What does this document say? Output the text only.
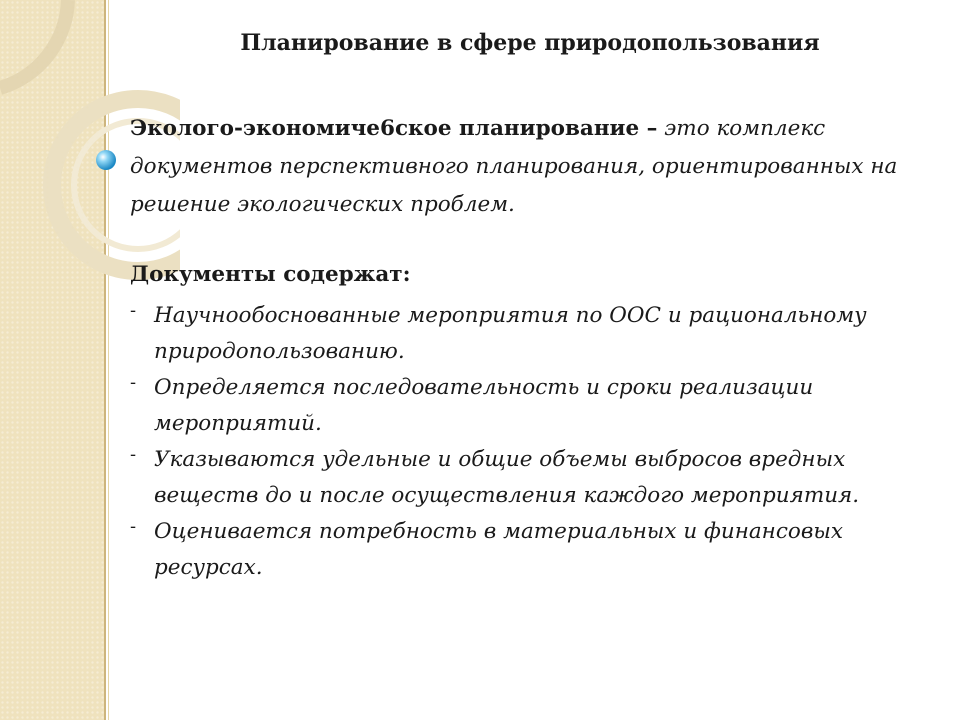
Планирование в сфере природопользования

Эколого-экономиче6ское планирование – это комплекс документов перспективного планирования, ориентированных на решение экологических проблем.

Документы содержат:

- Научнообоснованные мероприятия по ООС и рациональному природопользованию.
- Определяется последовательность и сроки реализации мероприятий.
- Указываются удельные и общие объемы выбросов вредных веществ до и после осуществления каждого мероприятия.
- Оценивается потребность в материальных и финансовых ресурсах.
